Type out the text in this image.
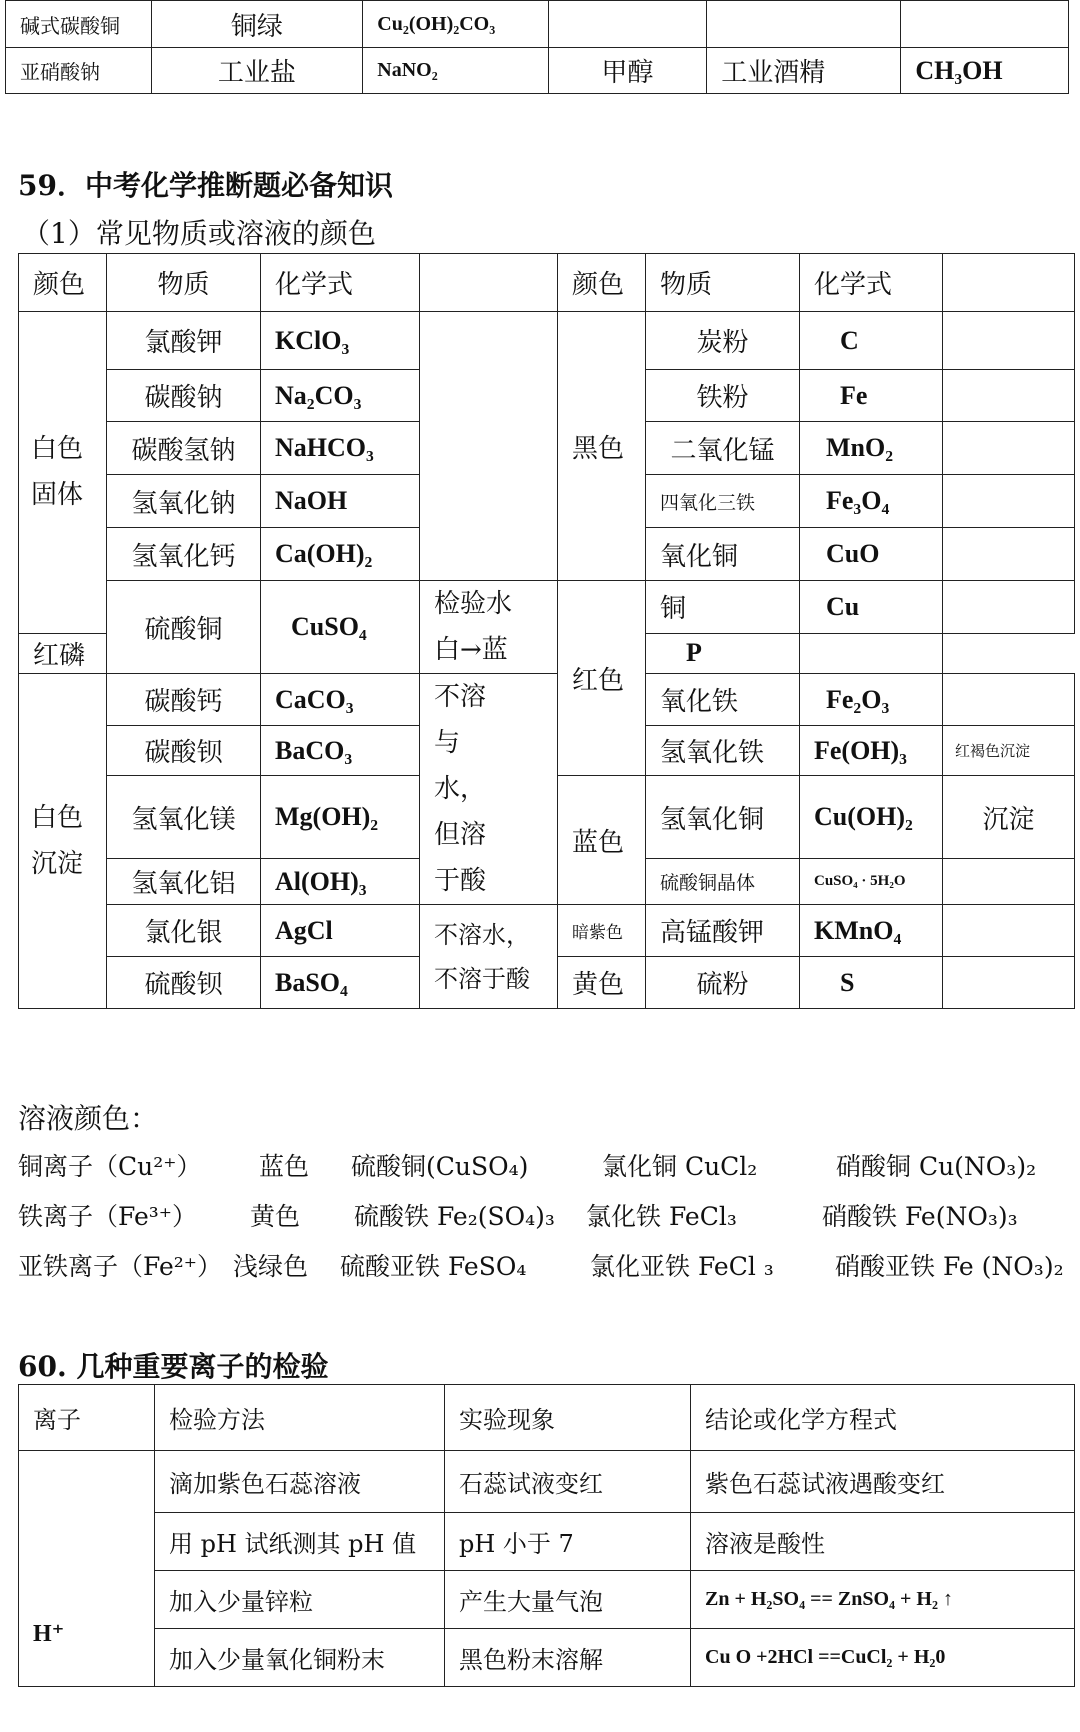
碱式碳酸铜	铜绿	Cu₂(OH)₂CO₃			
亚硝酸钠	工业盐	NaNO₂	甲醇	工业酒精	CH₃OH
59．中考化学推断题必备知识
（1）常见物质或溶液的颜色
颜色	物质	化学式		颜色	物质	化学式	
白色固体	氯酸钾	KClO₃		黑色	炭粉	C	
	碳酸钠	Na₂CO₃			铁粉	Fe	
	碳酸氢钠	NaHCO₃			二氧化锰	MnO₂	
	氢氧化钠	NaOH			四氧化三铁	Fe₃O₄	
	氢氧化钙	Ca(OH)₂			氧化铜	CuO	
	硫酸铜	CuSO₄	检验水白→蓝	红色	铜	Cu	
红磷					P		
白色沉淀	碳酸钙	CaCO₃	不溶与水，但溶于酸		氧化铁	Fe₂O₃	
	碳酸钡	BaCO₃			氢氧化铁	Fe(OH)₃	红褐色沉淀
	氢氧化镁	Mg(OH)₂		蓝色	氢氧化铜	Cu(OH)₂	沉淀
	氢氧化铝	Al(OH)₃			硫酸铜晶体	CuSO₄ · 5H₂O	
	氯化银	AgCl	不溶水，不溶于酸	暗紫色	高锰酸钾	KMnO₄	
	硫酸钡	BaSO₄		黄色	硫粉	S	
溶液颜色：
铜离子（Cu²⁺） 蓝色 硫酸铜(CuSO₄)	氯化铜 CuCl₂	硝酸铜 Cu(NO₃)₂
铁离子（Fe³⁺） 黄色 硫酸铁 Fe₂(SO₄)₃ 氯化铁 FeCl₃	硝酸铁 Fe(NO₃)₃
亚铁离子（Fe²⁺） 浅绿色 硫酸亚铁 FeSO₄	氯化亚铁 FeCl ₃ 硝酸亚铁 Fe (NO₃)₂
60. 几种重要离子的检验
离子	检验方法	实验现象	结论或化学方程式
H⁺	滴加紫色石蕊溶液	石蕊试液变红	紫色石蕊试液遇酸变红
	用 pH 试纸测其 pH 值	pH 小于 7	溶液是酸性
	加入少量锌粒	产生大量气泡	Zn + H₂SO₄ == ZnSO₄ + H₂ ↑
	加入少量氧化铜粉末	黑色粉末溶解	Cu O +2HCl ==CuCl₂ + H₂0
